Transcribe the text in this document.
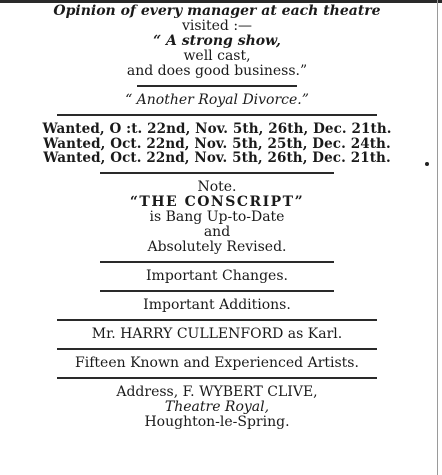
Opinion of every manager at each theatre
visited :—
“ A strong show,
well cast,
and does good business.”
“ Another Royal Divorce.”
Wanted, O :t. 22nd, Nov. 5th, 26th, Dec. 21th.
Wanted, Oct. 22nd, Nov. 5th, 25th, Dec. 24th.
Wanted, Oct. 22nd, Nov. 5th, 26th, Dec. 21th.
Note.
“THE CONSCRIPT”
is Bang Up-to-Date
and
Absolutely Revised.
Important Changes.
Important Additions.
Mr. HARRY CULLENFORD as Karl.
Fifteen Known and Experienced Artists.
Address, F. WYBERT CLIVE,
Theatre Royal,
Houghton-le-Spring.
